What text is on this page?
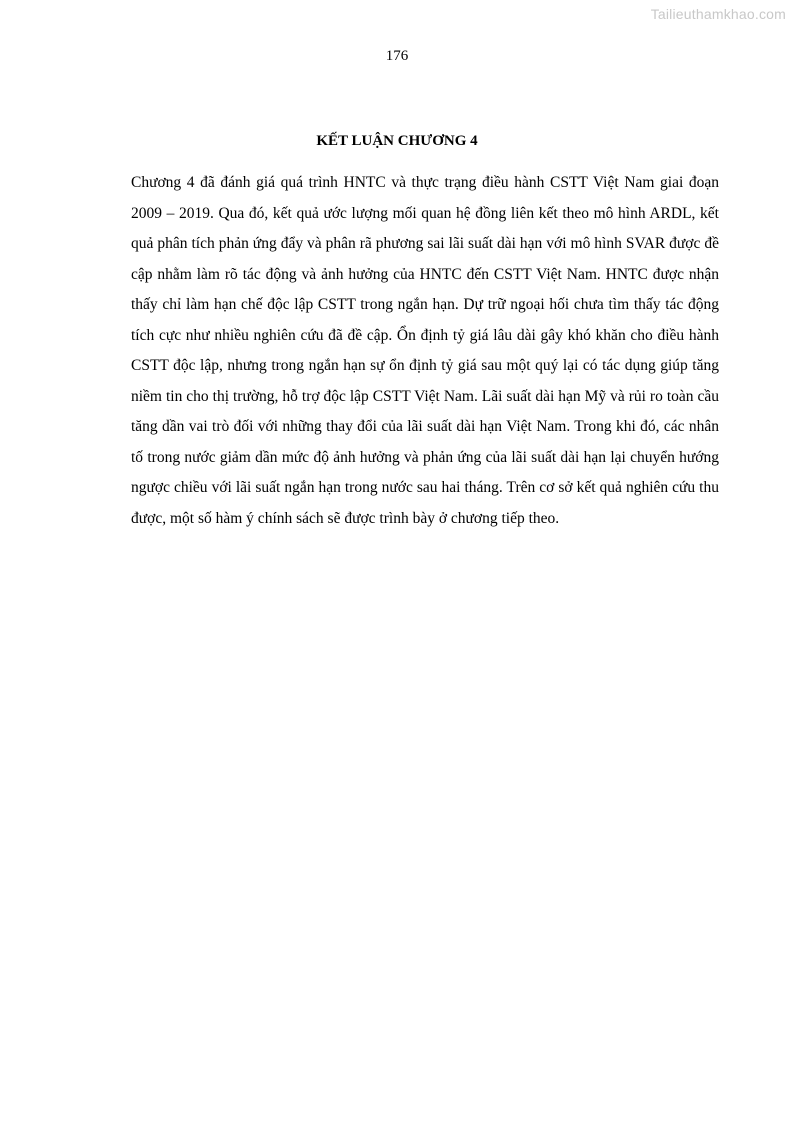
Tailieuthamkhao.com
176
KẾT LUẬN CHƯƠNG 4

Chương 4 đã đánh giá quá trình HNTC và thực trạng điều hành CSTT Việt Nam giai đoạn 2009 – 2019. Qua đó, kết quả ước lượng mối quan hệ đồng liên kết theo mô hình ARDL, kết quả phân tích phản ứng đẩy và phân rã phương sai lãi suất dài hạn với mô hình SVAR được đề cập nhằm làm rõ tác động và ảnh hưởng của HNTC đến CSTT Việt Nam. HNTC được nhận thấy chỉ làm hạn chế độc lập CSTT trong ngắn hạn. Dự trữ ngoại hối chưa tìm thấy tác động tích cực như nhiều nghiên cứu đã đề cập. Ổn định tỷ giá lâu dài gây khó khăn cho điều hành CSTT độc lập, nhưng trong ngắn hạn sự ổn định tỷ giá sau một quý lại có tác dụng giúp tăng niềm tin cho thị trường, hỗ trợ độc lập CSTT Việt Nam. Lãi suất dài hạn Mỹ và rủi ro toàn cầu tăng dần vai trò đối với những thay đổi của lãi suất dài hạn Việt Nam. Trong khi đó, các nhân tố trong nước giảm dần mức độ ảnh hưởng và phản ứng của lãi suất dài hạn lại chuyển hướng ngược chiều với lãi suất ngắn hạn trong nước sau hai tháng. Trên cơ sở kết quả nghiên cứu thu được, một số hàm ý chính sách sẽ được trình bày ở chương tiếp theo.
